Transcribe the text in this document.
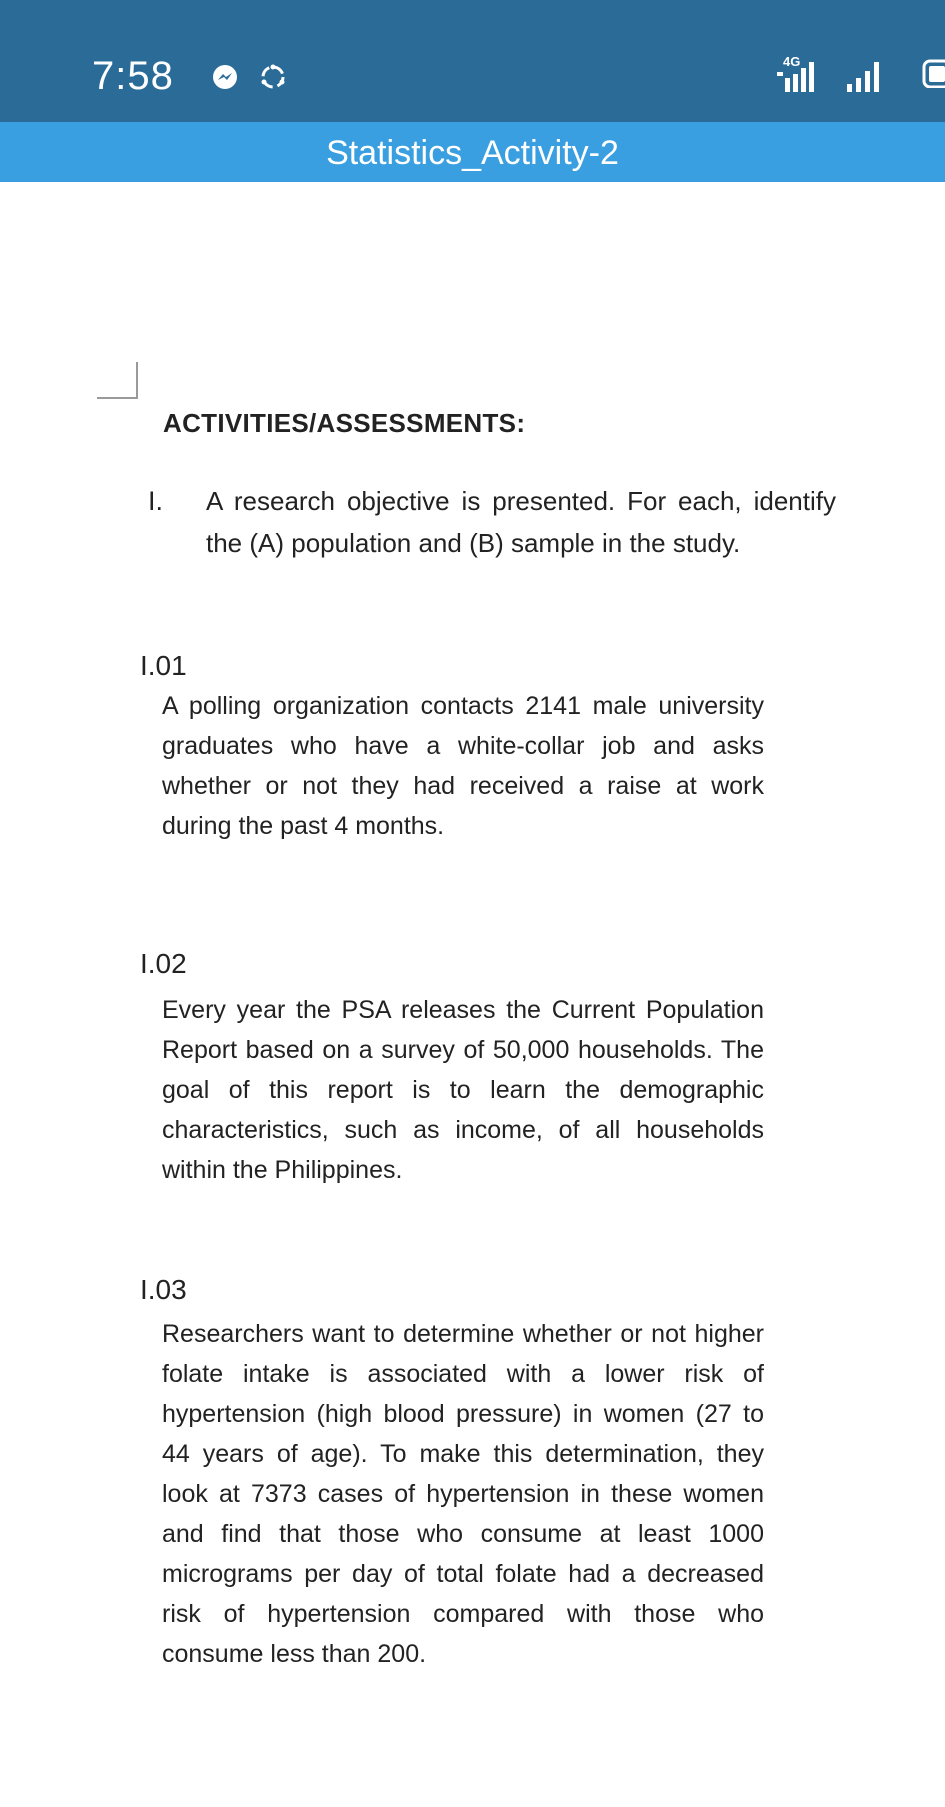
7:58	4G
Statistics_Activity-2
ACTIVITIES/ASSESSMENTS:
I. A research objective is presented. For each, identify the (A) population and (B) sample in the study.
I.01
A polling organization contacts 2141 male university graduates who have a white-collar job and asks whether or not they had received a raise at work during the past 4 months.
I.02
Every year the PSA releases the Current Population Report based on a survey of 50,000 households. The goal of this report is to learn the demographic characteristics, such as income, of all households within the Philippines.
I.03
Researchers want to determine whether or not higher folate intake is associated with a lower risk of hypertension (high blood pressure) in women (27 to 44 years of age). To make this determination, they look at 7373 cases of hypertension in these women and find that those who consume at least 1000 micrograms per day of total folate had a decreased risk of hypertension compared with those who consume less than 200.
